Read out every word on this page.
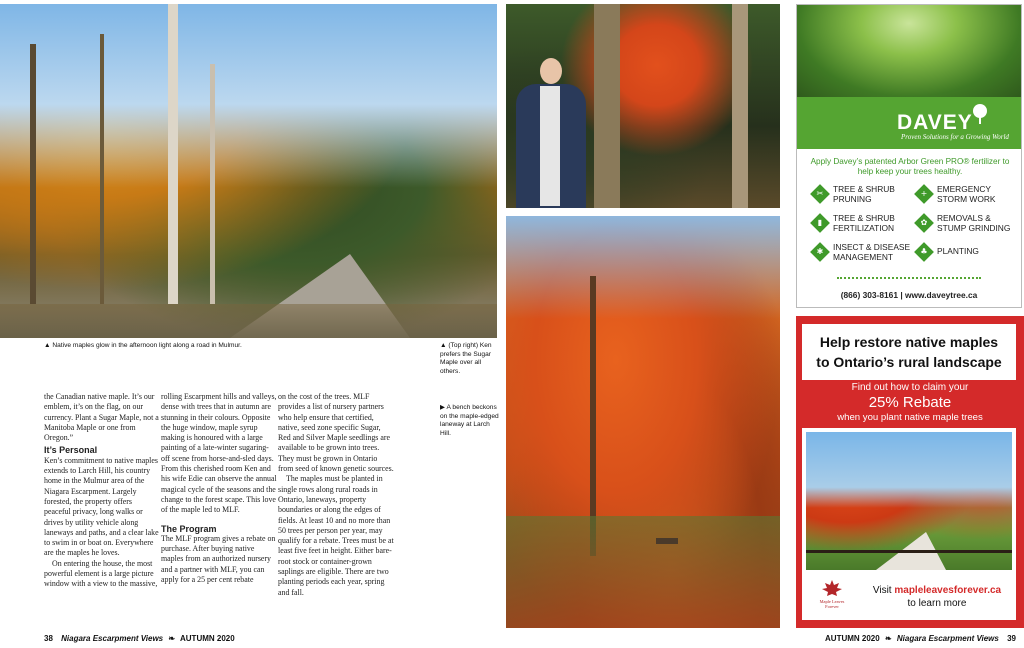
▲ Native maples glow in the afternoon light along a road in Mulmur.	▲ (Top right) Ken prefers the Sugar Maple over all others.
▶ A bench beckons on the maple-edged laneway at Larch Hill.

the Canadian native maple. It’s our emblem, it’s on the flag, on our currency. Plant a Sugar Maple, not a Manitoba Maple or one from Oregon.”

It’s Personal

Ken’s commitment to native maples extends to Larch Hill, his country home in the Mulmur area of the Niagara Escarpment. Largely forested, the property offers peaceful privacy, long walks or drives by utility vehicle along laneways and paths, and a clear lake to swim in or boat on. Everywhere are the maples he loves.

On entering the house, the most powerful element is a large picture window with a view to the massive,

rolling Escarpment hills and valleys, dense with trees that in autumn are stunning in their colours. Opposite the huge window, maple syrup making is honoured with a large painting of a late-winter sugaring-off scene from horse-and-sled days. From this cherished room Ken and his wife Edie can observe the annual magical cycle of the seasons and the change to the forest scape. This love of the maple led to MLF.

The Program

The MLF program gives a rebate on purchase. After buying native maples from an authorized nursery and a partner with MLF, you can apply for a 25 per cent rebate

on the cost of the trees. MLF provides a list of nursery partners who help ensure that certified, native, seed zone specific Sugar, Red and Silver Maple seedlings are available to be grown into trees. They must be grown in Ontario from seed of known genetic sources.

The maples must be planted in single rows along rural roads in Ontario, laneways, property boundaries or along the edges of fields. At least 10 and no more than 50 trees per person per year, may qualify for a rebate. Trees must be at least five feet in height. Either bare-root stock or container-grown saplings are eligible. There are two planting periods each year, spring and fall.

38 Niagara Escarpment Views ❧ AUTUMN 2020	AUTUMN 2020 ❧ Niagara Escarpment Views 39
DAVEY
Proven Solutions for a Growing World
Apply Davey’s patented Arbor Green PRO® fertilizer to help keep your trees healthy.
✂	TREE & SHRUB
PRUNING
+	EMERGENCY
STORM WORK
▮	TREE & SHRUB
FERTILIZATION
✿	REMOVALS &
STUMP GRINDING
✱	INSECT & DISEASE
MANAGEMENT
♣	PLANTING
(866) 303-8161 | www.daveytree.ca
Help restore native maples
to Ontario’s rural landscape
Find out how to claim your
25% Rebate
when you plant native maple trees
Maple Leaves
Forever
Visit mapleleavesforever.ca
to learn more
